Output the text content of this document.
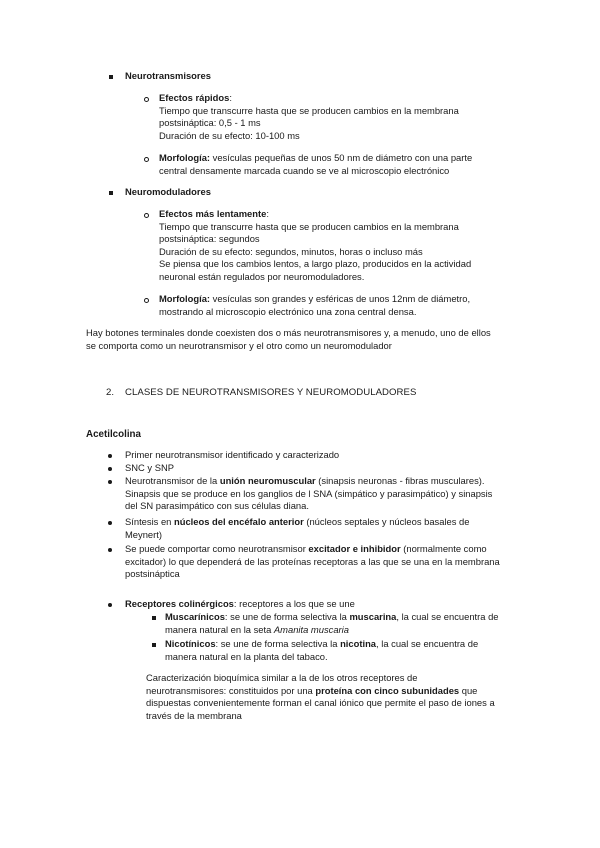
Neurotransmisores
Efectos rápidos:
Tiempo que transcurre hasta que se producen cambios en la membrana
postsináptica: 0,5 - 1 ms
Duración de su efecto: 10-100 ms
Morfología: vesículas pequeñas de unos 50 nm de diámetro con una parte
central densamente marcada cuando se ve al microscopio electrónico
Neuromoduladores
Efectos más lentamente:
Tiempo que transcurre hasta que se producen cambios en la membrana
postsináptica: segundos
Duración de su efecto: segundos, minutos, horas o incluso más
Se piensa que los cambios lentos, a largo plazo, producidos en la actividad
neuronal están regulados por neuromoduladores.
Morfología: vesículas son grandes y esféricas de unos 12nm de diámetro,
mostrando al microscopio electrónico una zona central densa.
Hay botones terminales donde coexisten dos o más neurotransmisores y, a menudo, uno de ellos
se comporta como un neurotransmisor y el otro como un neuromodulador
2. CLASES DE NEUROTRANSMISORES Y NEUROMODULADORES
Acetilcolina
Primer neurotransmisor identificado y caracterizado
SNC y SNP
Neurotransmisor de la unión neuromuscular (sinapsis neuronas - fibras musculares).
Sinapsis que se produce en los ganglios de l SNA (simpático y parasimpático) y sinapsis
del SN parasimpático con sus células diana.
Síntesis en núcleos del encéfalo anterior (núcleos septales y núcleos basales de
Meynert)
Se puede comportar como neurotransmisor excitador e inhibidor (normalmente como
excitador) lo que dependerá de las proteínas receptoras a las que se una en la membrana
postsináptica
Receptores colinérgicos: receptores a los que se une
Muscarínicos: se une de forma selectiva la muscarina, la cual se encuentra de
manera natural en la seta Amanita muscaria
Nicotínicos: se une de forma selectiva la nicotina, la cual se encuentra de
manera natural en la planta del tabaco.
Caracterización bioquímica similar a la de los otros receptores de
neurotransmisores: constituidos por una proteína con cinco subunidades que
dispuestas convenientemente forman el canal iónico que permite el paso de iones a
través de la membrana
